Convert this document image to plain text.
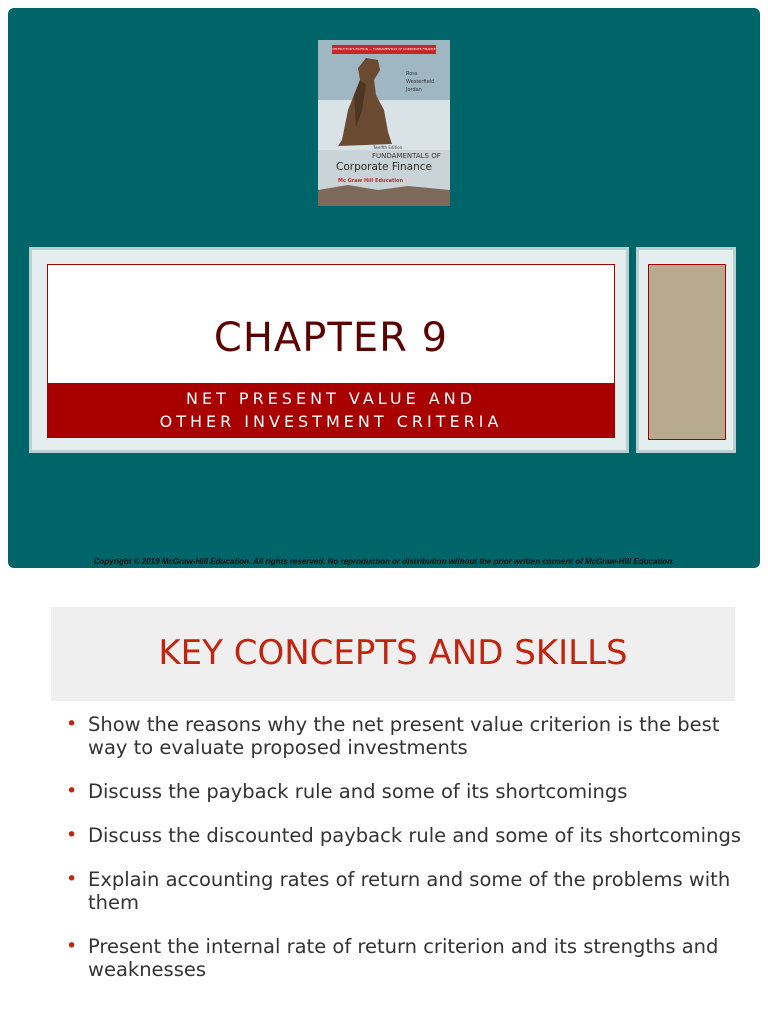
INSTRUCTOR'S EDITION — FUNDAMENTALS OF CORPORATE FINANCE
Ross
Westerfield
Jordan
Twelfth Edition
FUNDAMENTALS OF
Corporate Finance
Mc Graw Hill Education
CHAPTER 9
NET PRESENT VALUE AND
OTHER INVESTMENT CRITERIA
Copyright © 2019 McGraw-Hill Education. All rights reserved. No reproduction or distribution without the prior written consent of McGraw-Hill Education.
KEY CONCEPTS AND SKILLS
• Show the reasons why the net present value criterion is the best way to evaluate proposed investments
• Discuss the payback rule and some of its shortcomings
• Discuss the discounted payback rule and some of its shortcomings
• Explain accounting rates of return and some of the problems with them
• Present the internal rate of return criterion and its strengths and weaknesses
